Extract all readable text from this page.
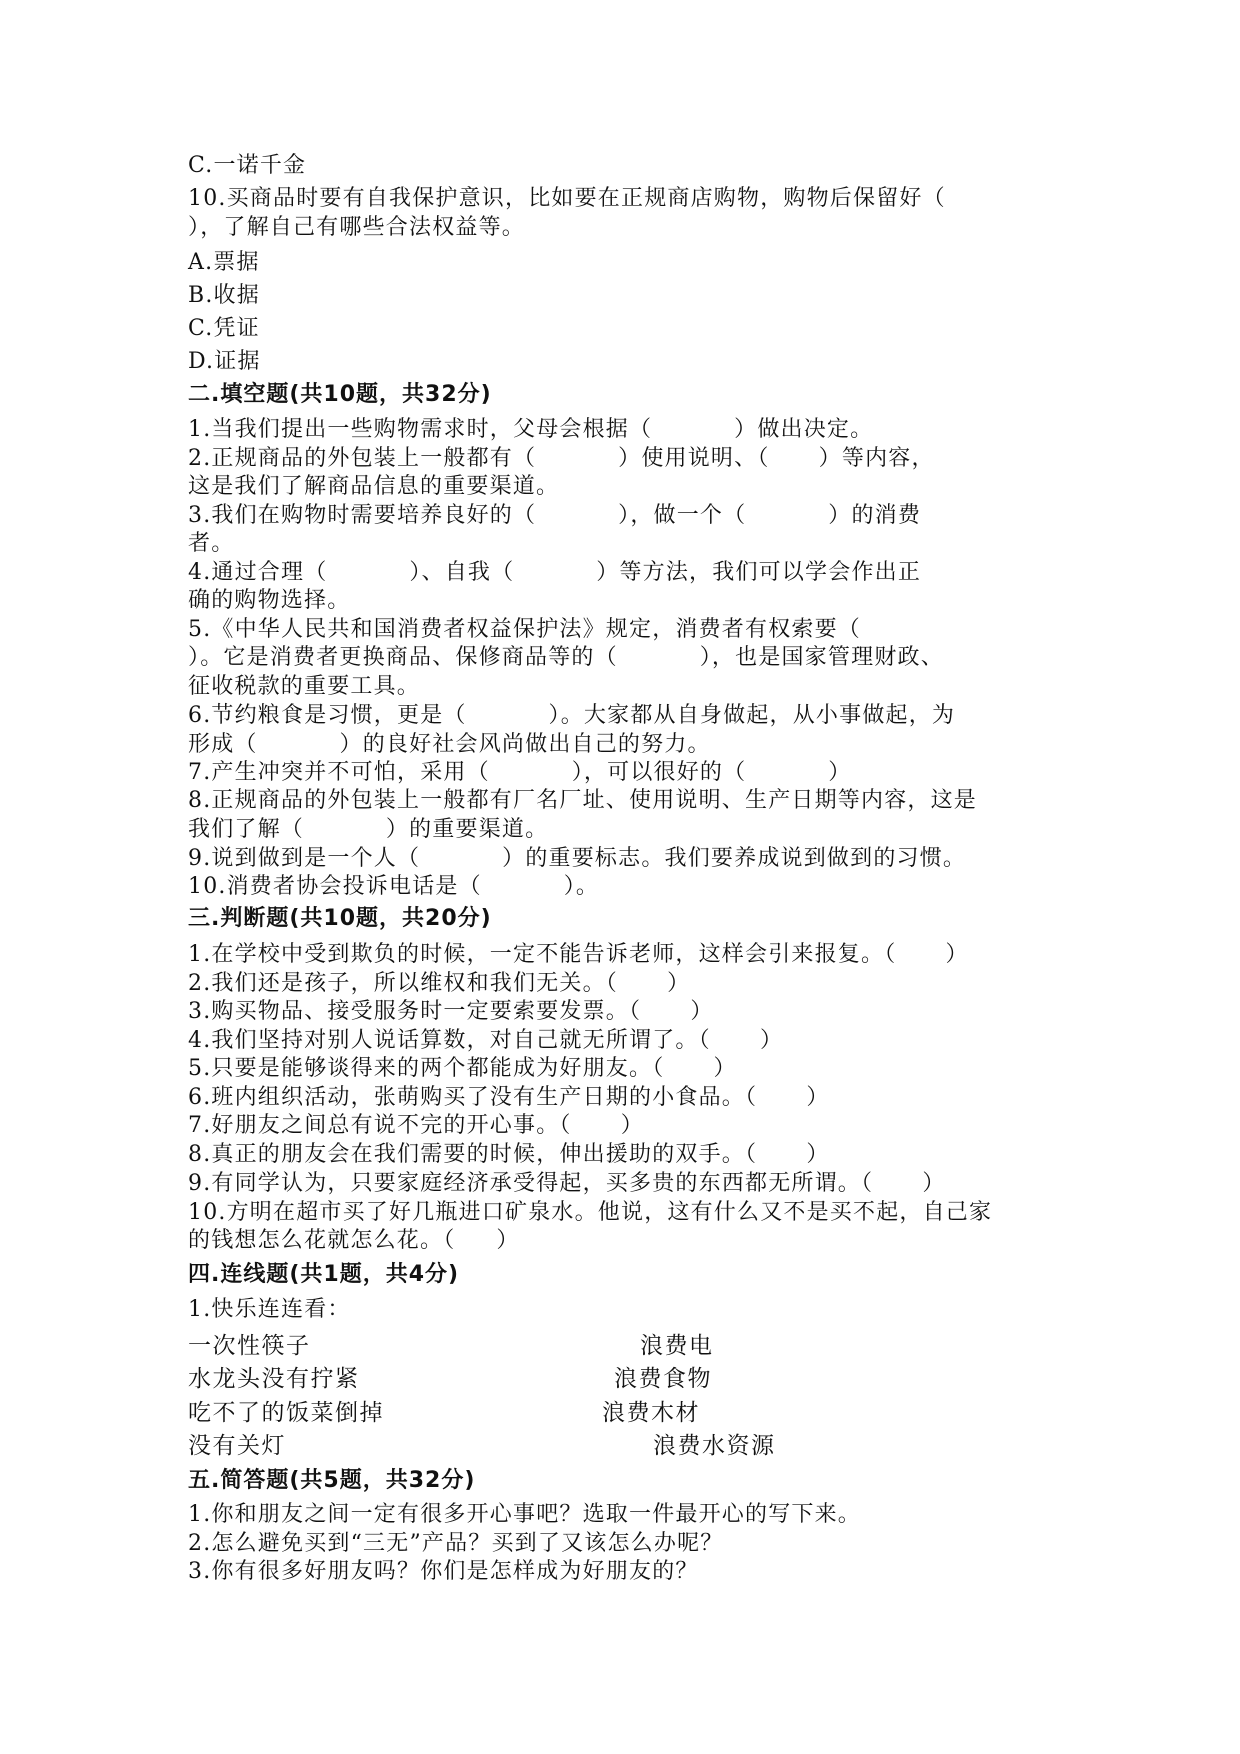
C.一诺千金
10.买商品时要有自我保护意识，比如要在正规商店购物，购物后保留好（
），了解自己有哪些合法权益等。
A.票据
B.收据
C.凭证
D.证据
二.填空题(共10题，共32分)
1.当我们提出一些购物需求时，父母会根据（          ）做出决定。
2.正规商品的外包装上一般都有（          ）使用说明、（      ）等内容，
这是我们了解商品信息的重要渠道。
3.我们在购物时需要培养良好的（          ），做一个（          ）的消费
者。
4.通过合理（          ）、自我（          ）等方法，我们可以学会作出正
确的购物选择。
5.《中华人民共和国消费者权益保护法》规定，消费者有权索要（
）。它是消费者更换商品、保修商品等的（          ），也是国家管理财政、
征收税款的重要工具。
6.节约粮食是习惯，更是（          ）。大家都从自身做起，从小事做起，为
形成（          ）的良好社会风尚做出自己的努力。
7.产生冲突并不可怕，采用（          ），可以很好的（          ）
8.正规商品的外包装上一般都有厂名厂址、使用说明、生产日期等内容，这是
我们了解（          ）的重要渠道。
9.说到做到是一个人（          ）的重要标志。我们要养成说到做到的习惯。
10.消费者协会投诉电话是（          ）。
三.判断题(共10题，共20分)
1.在学校中受到欺负的时候，一定不能告诉老师，这样会引来报复。（      ）
2.我们还是孩子，所以维权和我们无关。（      ）
3.购买物品、接受服务时一定要索要发票。（      ）
4.我们坚持对别人说话算数，对自己就无所谓了。（      ）
5.只要是能够谈得来的两个都能成为好朋友。（      ）
6.班内组织活动，张萌购买了没有生产日期的小食品。（      ）
7.好朋友之间总有说不完的开心事。（      ）
8.真正的朋友会在我们需要的时候，伸出援助的双手。（      ）
9.有同学认为，只要家庭经济承受得起，买多贵的东西都无所谓。（      ）
10.方明在超市买了好几瓶进口矿泉水。他说，这有什么又不是买不起，自己家
的钱想怎么花就怎么花。（     ）
四.连线题(共1题，共4分)
1.快乐连连看：
一次性筷子	浪费电
水龙头没有拧紧	浪费食物
吃不了的饭菜倒掉	浪费木材
没有关灯	浪费水资源
五.简答题(共5题，共32分)
1.你和朋友之间一定有很多开心事吧？选取一件最开心的写下来。
2.怎么避免买到“三无”产品？买到了又该怎么办呢？
3.你有很多好朋友吗？你们是怎样成为好朋友的？
